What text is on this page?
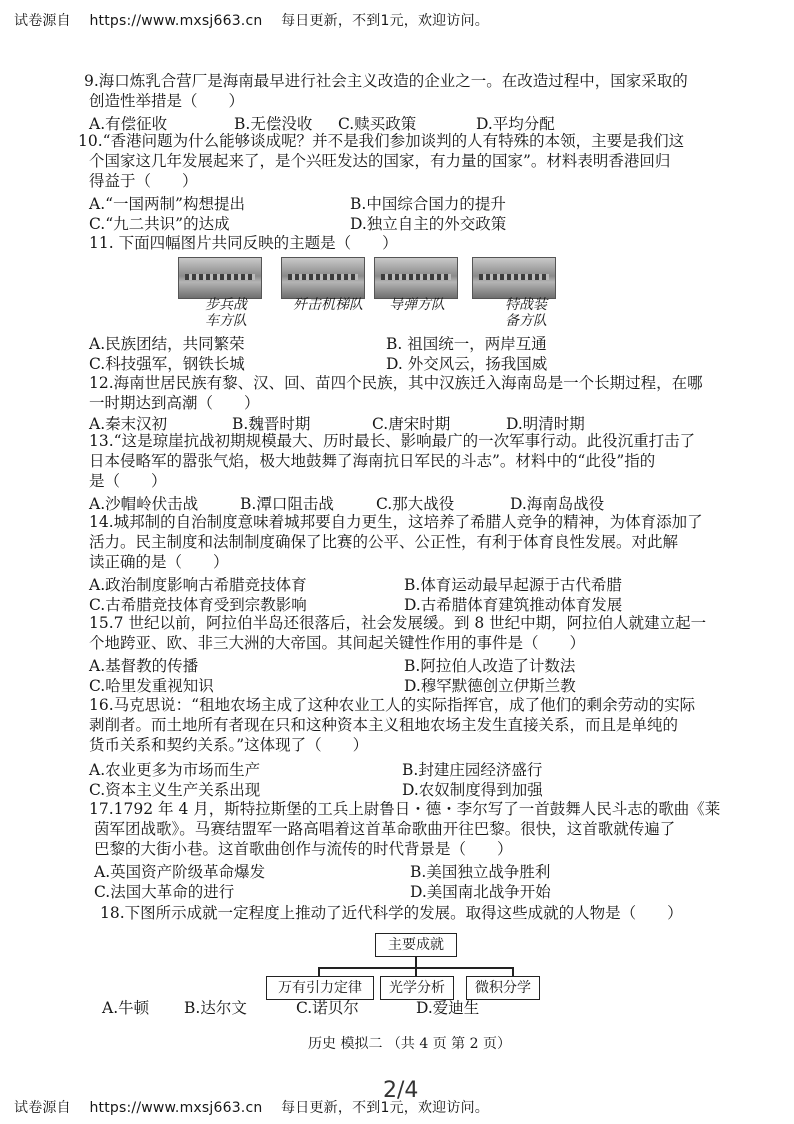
试卷源自 https://www.mxsj663.cn 每日更新，不到1元，欢迎访问。
9.海口炼乳合营厂是海南最早进行社会主义改造的企业之一。在改造过程中，国家采取的
创造性举措是（　　）
A.有偿征收	B.无偿没收 C.赎买政策	D.平均分配
10.“香港问题为什么能够谈成呢？并不是我们参加谈判的人有特殊的本领，主要是我们这
个国家这几年发展起来了，是个兴旺发达的国家，有力量的国家”。材料表明香港回归
得益于（　　）
A.“一国两制”构想提出	B.中国综合国力的提升
C.“九二共识”的达成	D.独立自主的外交政策
11. 下面四幅图片共同反映的主题是（　　）
步兵战
车方队
歼击机梯队	导弹方队	特战装
备方队
A.民族团结，共同繁荣	B. 祖国统一，两岸互通
C.科技强军，钢铁长城	D. 外交风云，扬我国威
12.海南世居民族有黎、汉、回、苗四个民族，其中汉族迁入海南岛是一个长期过程，在哪
一时期达到高潮（　　）
A.秦末汉初	B.魏晋时期	C.唐宋时期	D.明清时期
13.“这是琼崖抗战初期规模最大、历时最长、影响最广的一次军事行动。此役沉重打击了
日本侵略军的嚣张气焰，极大地鼓舞了海南抗日军民的斗志”。材料中的“此役”指的
是（　　）
A.沙帽岭伏击战	B.潭口阻击战	C.那大战役	D.海南岛战役
14.城邦制的自治制度意味着城邦要自力更生，这培养了希腊人竞争的精神，为体育添加了
活力。民主制度和法制制度确保了比赛的公平、公正性，有利于体育良性发展。对此解
读正确的是（　　）
A.政治制度影响古希腊竞技体育	B.体育运动最早起源于古代希腊
C.古希腊竞技体育受到宗教影响	D.古希腊体育建筑推动体育发展
15.7 世纪以前，阿拉伯半岛还很落后，社会发展缓。到 8 世纪中期，阿拉伯人就建立起一
个地跨亚、欧、非三大洲的大帝国。其间起关键性作用的事件是（　　）
A.基督教的传播	B.阿拉伯人改造了计数法
C.哈里发重视知识	D.穆罕默德创立伊斯兰教
16.马克思说：“租地农场主成了这种农业工人的实际指挥官，成了他们的剩余劳动的实际
剥削者。而土地所有者现在只和这种资本主义租地农场主发生直接关系，而且是单纯的
货币关系和契约关系。”这体现了（　　）
A.农业更多为市场而生产	B.封建庄园经济盛行
C.资本主义生产关系出现	D.农奴制度得到加强
17.1792 年 4 月，斯特拉斯堡的工兵上尉鲁日・德・李尔写了一首鼓舞人民斗志的歌曲《莱
茵军团战歌》。马赛结盟军一路高唱着这首革命歌曲开往巴黎。很快，这首歌就传遍了
巴黎的大街小巷。这首歌曲创作与流传的时代背景是（　　）
A.英国资产阶级革命爆发	B.美国独立战争胜利
C.法国大革命的进行	D.美国南北战争开始
18.下图所示成就一定程度上推动了近代科学的发展。取得这些成就的人物是（　　）
主要成就
万有引力定律	光学分析	微积分学
A.牛顿 B.达尔文	C.诺贝尔	D.爱迪生
历史 模拟二 （共 4 页 第 2 页）
2/4
试卷源自 https://www.mxsj663.cn 每日更新，不到1元，欢迎访问。
